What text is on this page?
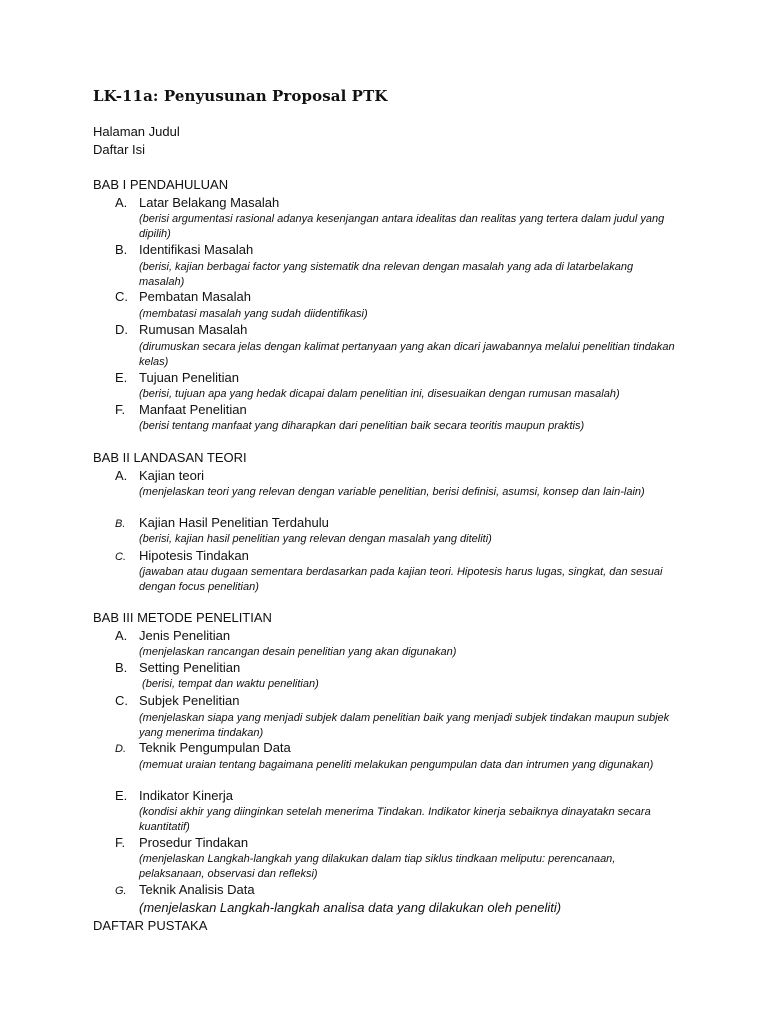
LK-11a: Penyusunan Proposal PTK
Halaman Judul
Daftar Isi
BAB I PENDAHULUAN
A. Latar Belakang Masalah
(berisi argumentasi rasional adanya kesenjangan antara idealitas dan realitas yang tertera dalam judul yang dipilih)
B. Identifikasi Masalah
(berisi, kajian berbagai factor yang sistematik dna relevan dengan masalah yang ada di latarbelakang masalah)
C. Pembatan Masalah
(membatasi masalah yang sudah diidentifikasi)
D. Rumusan Masalah
(dirumuskan secara jelas dengan kalimat pertanyaan yang akan dicari jawabannya melalui penelitian tindakan kelas)
E. Tujuan Penelitian
(berisi, tujuan apa yang hedak dicapai dalam penelitian ini, disesuaikan dengan rumusan masalah)
F. Manfaat Penelitian
(berisi tentang manfaat yang diharapkan dari penelitian baik secara teoritis maupun praktis)
BAB II LANDASAN TEORI
A. Kajian teori
(menjelaskan teori yang relevan dengan variable penelitian, berisi definisi, asumsi, konsep dan lain-lain)
B. Kajian Hasil Penelitian Terdahulu
(berisi, kajian hasil penelitian yang relevan dengan masalah yang diteliti)
C. Hipotesis Tindakan
(jawaban atau dugaan sementara berdasarkan pada kajian teori. Hipotesis harus lugas, singkat, dan sesuai dengan focus penelitian)
BAB III METODE PENELITIAN
A. Jenis Penelitian
(menjelaskan rancangan desain penelitian yang akan digunakan)
B. Setting Penelitian
(berisi, tempat dan waktu penelitian)
C. Subjek Penelitian
(menjelaskan siapa yang menjadi subjek dalam penelitian baik yang menjadi subjek tindakan maupun subjek yang menerima tindakan)
D. Teknik Pengumpulan Data
(memuat uraian tentang bagaimana peneliti melakukan pengumpulan data dan intrumen yang digunakan)
E. Indikator Kinerja
(kondisi akhir yang diinginkan setelah menerima Tindakan. Indikator kinerja sebaiknya dinayatakn secara kuantitatif)
F. Prosedur Tindakan
(menjelaskan Langkah-langkah yang dilakukan dalam tiap siklus tindkaan meliputu: perencanaan, pelaksanaan, observasi dan refleksi)
G. Teknik Analisis Data
(menjelaskan Langkah-langkah analisa data yang dilakukan oleh peneliti)
DAFTAR PUSTAKA
